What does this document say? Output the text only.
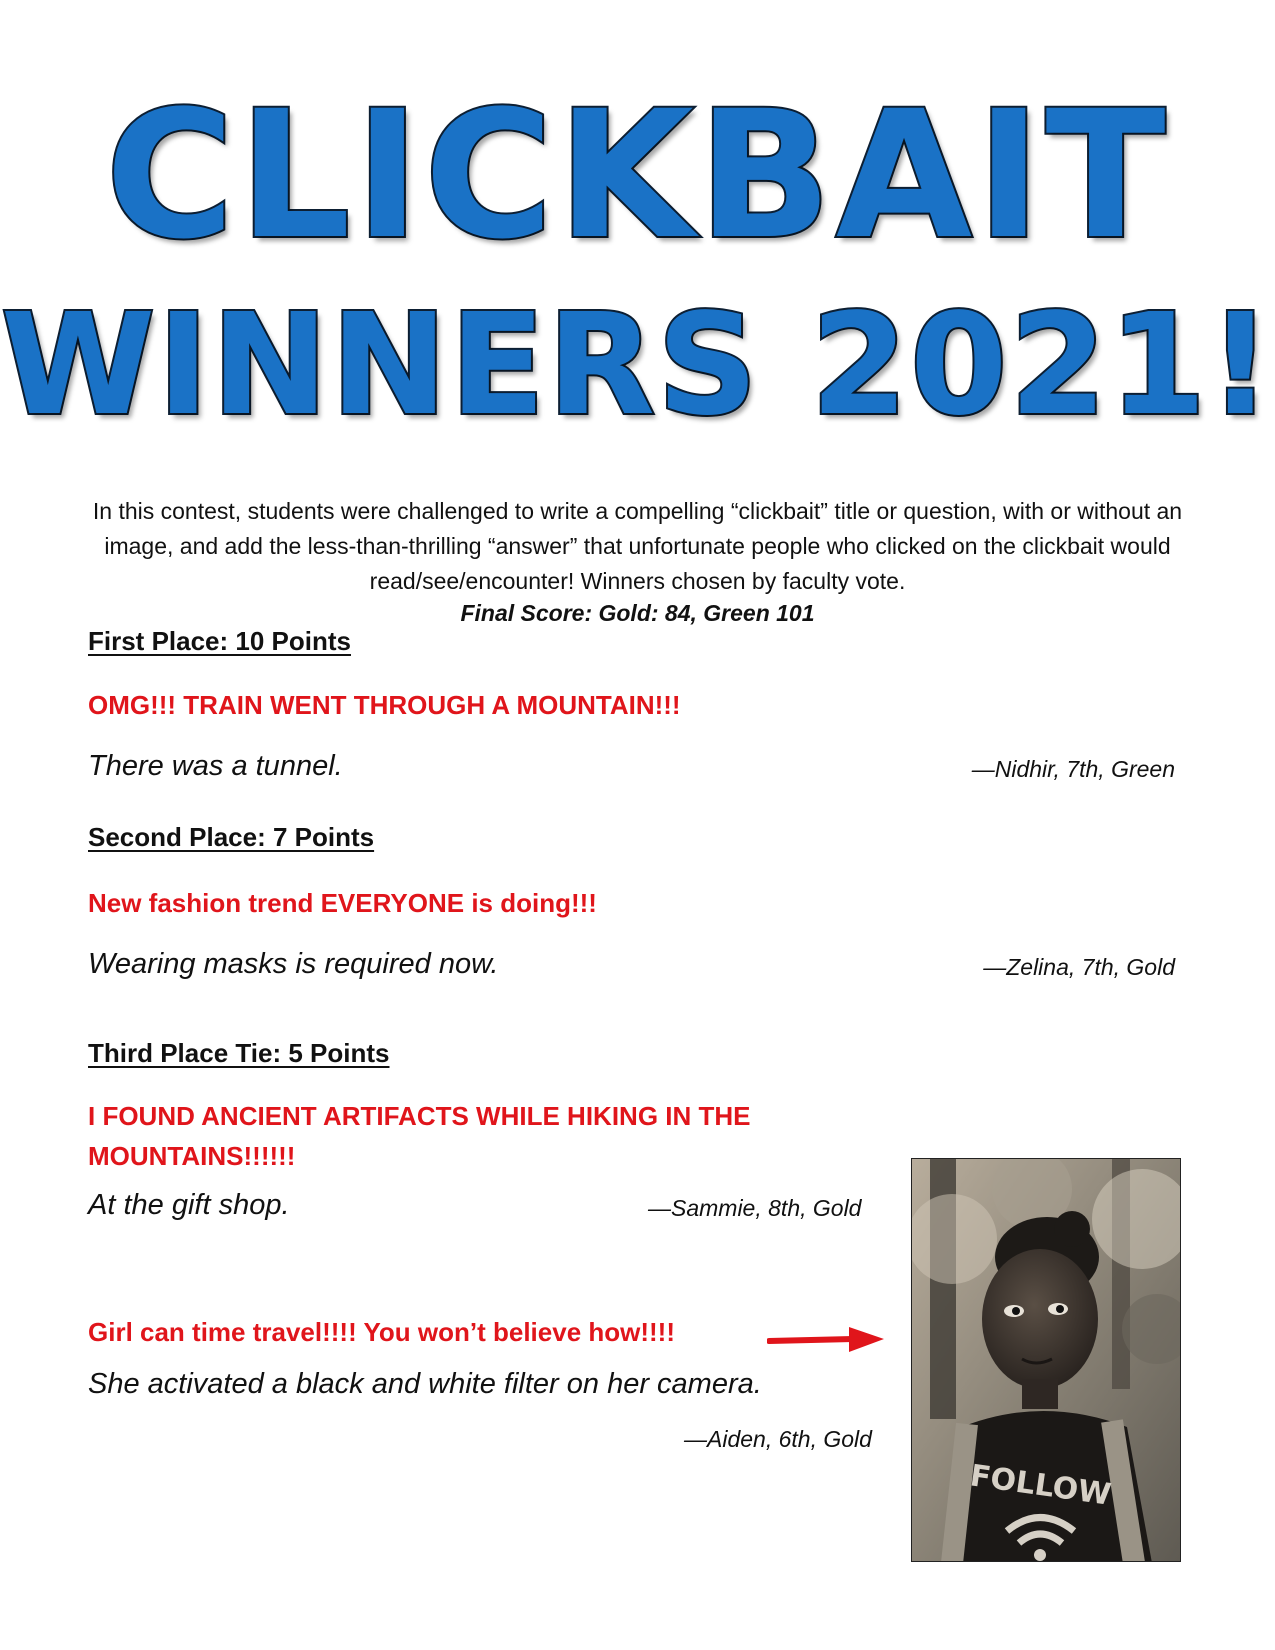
CLICKBAIT
WINNERS 2021!
In this contest, students were challenged to write a compelling “clickbait” title or question, with or without an image, and add the less-than-thrilling “answer” that unfortunate people who clicked on the clickbait would read/see/encounter! Winners chosen by faculty vote.
Final Score: Gold: 84, Green 101
First Place: 10 Points
OMG!!! TRAIN WENT THROUGH A MOUNTAIN!!!
There was a tunnel.	—Nidhir, 7th, Green
Second Place: 7 Points
New fashion trend EVERYONE is doing!!!
Wearing masks is required now.	—Zelina, 7th, Gold
Third Place Tie: 5 Points
I FOUND ANCIENT ARTIFACTS WHILE HIKING IN THE MOUNTAINS!!!!!!
At the gift shop.	—Sammie, 8th, Gold
Girl can time travel!!!! You won’t believe how!!!!
She activated a black and white filter on her camera.
—Aiden, 6th, Gold
FOLLOW
